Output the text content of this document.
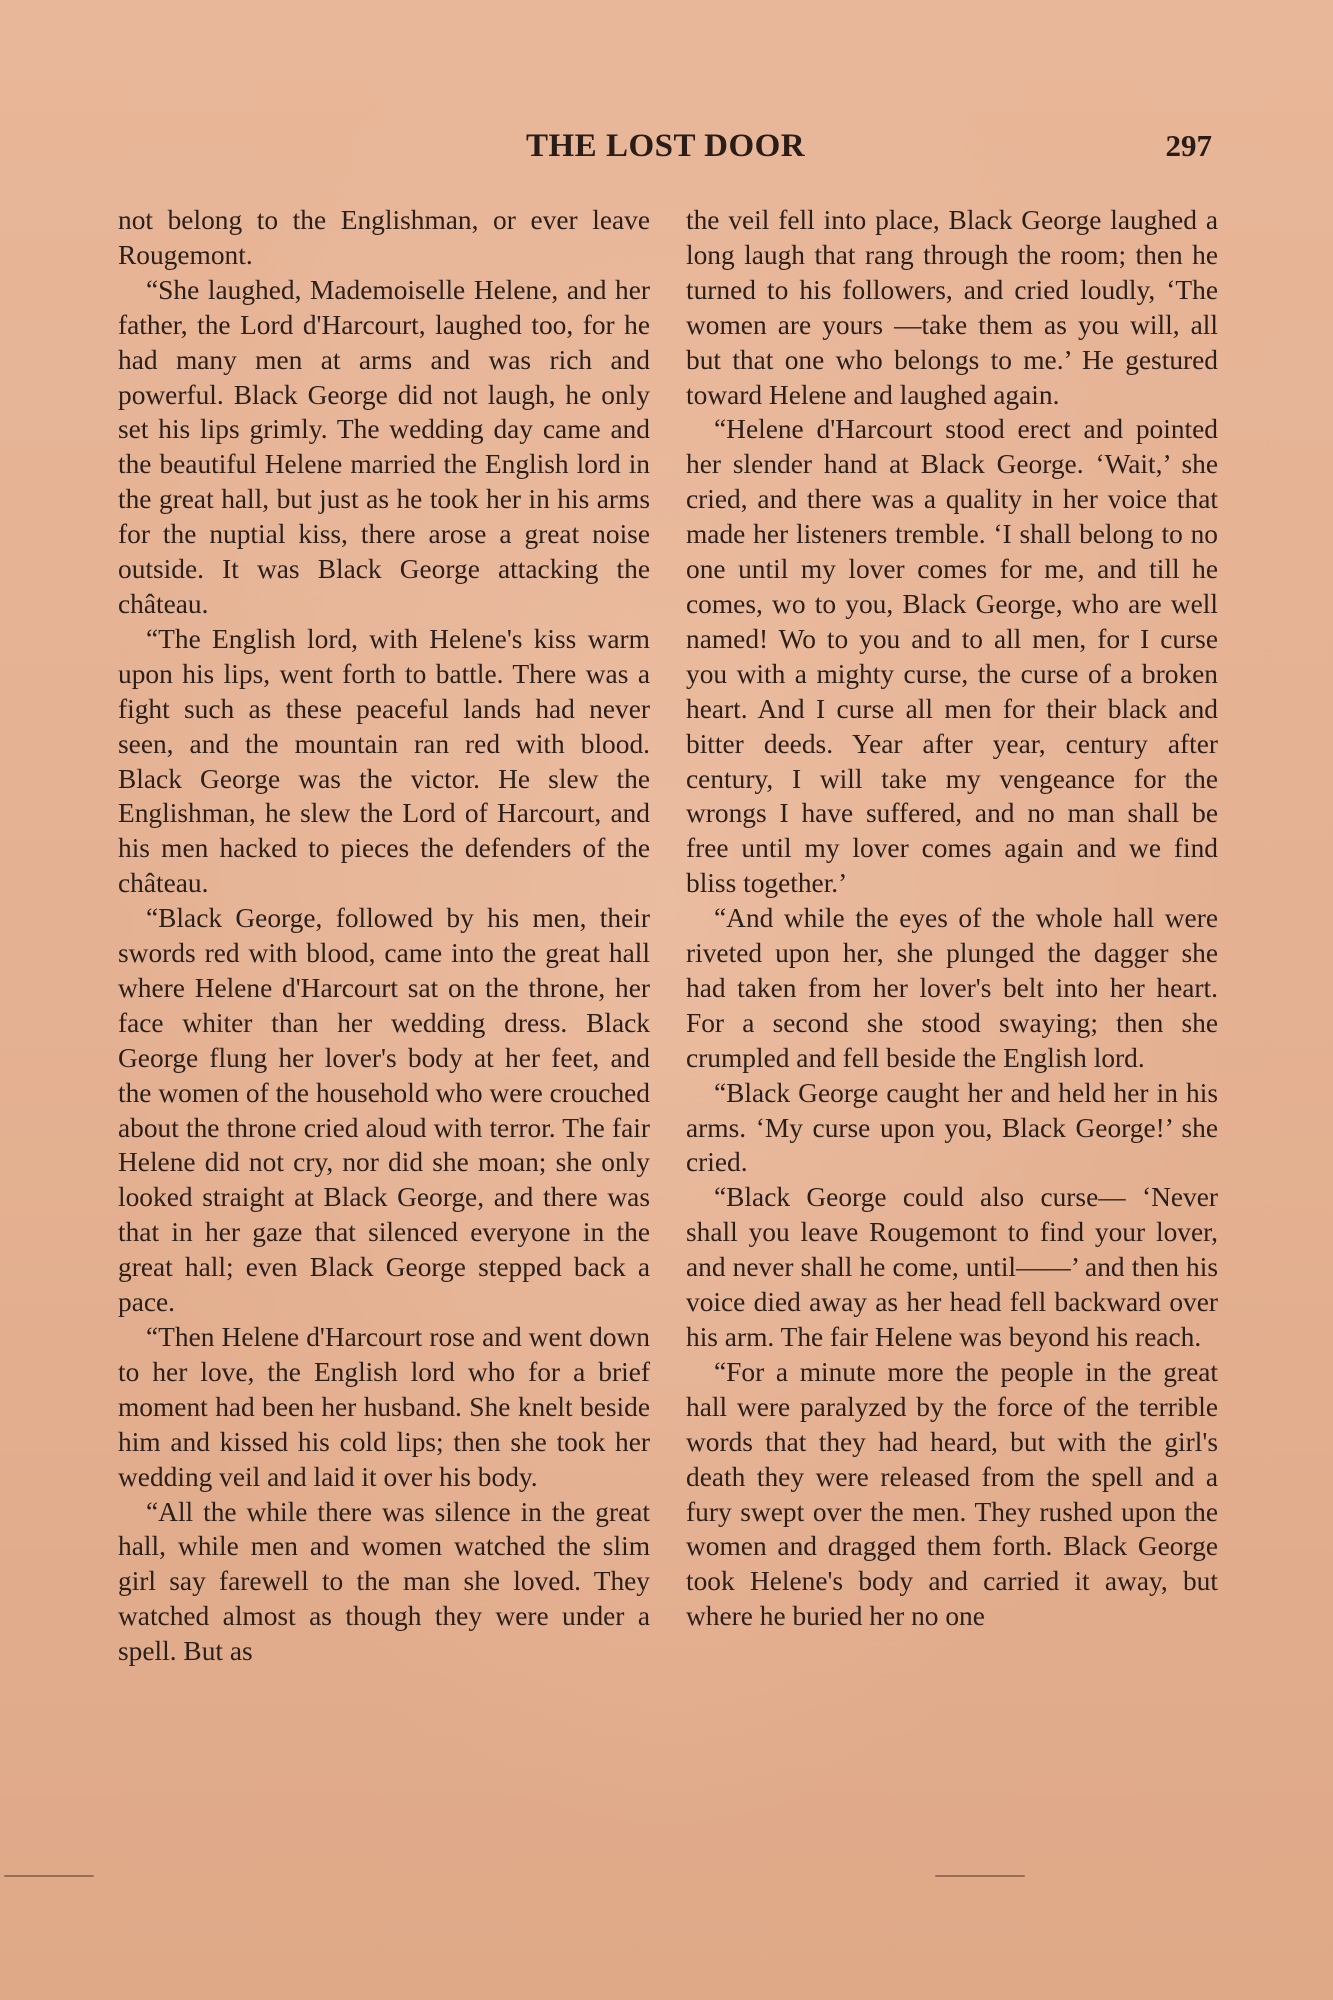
THE LOST DOOR	297

not belong to the Englishman, or ever leave Rougemont.

“She laughed, Mademoiselle Helene, and her father, the Lord d'Harcourt, laughed too, for he had many men at arms and was rich and powerful. Black George did not laugh, he only set his lips grimly. The wedding day came and the beautiful Helene married the English lord in the great hall, but just as he took her in his arms for the nuptial kiss, there arose a great noise outside. It was Black George attacking the château.

“The English lord, with Helene's kiss warm upon his lips, went forth to battle. There was a fight such as these peaceful lands had never seen, and the mountain ran red with blood. Black George was the victor. He slew the Englishman, he slew the Lord of Harcourt, and his men hacked to pieces the defenders of the château.

“Black George, followed by his men, their swords red with blood, came into the great hall where Helene d'Harcourt sat on the throne, her face whiter than her wedding dress. Black George flung her lover's body at her feet, and the women of the household who were crouched about the throne cried aloud with terror. The fair Helene did not cry, nor did she moan; she only looked straight at Black George, and there was that in her gaze that silenced everyone in the great hall; even Black George stepped back a pace.

“Then Helene d'Harcourt rose and went down to her love, the English lord who for a brief moment had been her husband. She knelt beside him and kissed his cold lips; then she took her wedding veil and laid it over his body.

“All the while there was silence in the great hall, while men and women watched the slim girl say farewell to the man she loved. They watched almost as though they were under a spell. But as

the veil fell into place, Black George laughed a long laugh that rang through the room; then he turned to his followers, and cried loudly, ‘The women are yours —take them as you will, all but that one who belongs to me.’ He gestured toward Helene and laughed again.

“Helene d'Harcourt stood erect and pointed her slender hand at Black George. ‘Wait,’ she cried, and there was a quality in her voice that made her listeners tremble. ‘I shall belong to no one until my lover comes for me, and till he comes, wo to you, Black George, who are well named! Wo to you and to all men, for I curse you with a mighty curse, the curse of a broken heart. And I curse all men for their black and bitter deeds. Year after year, century after century, I will take my vengeance for the wrongs I have suffered, and no man shall be free until my lover comes again and we find bliss together.’

“And while the eyes of the whole hall were riveted upon her, she plunged the dagger she had taken from her lover's belt into her heart. For a second she stood swaying; then she crumpled and fell beside the English lord.

“Black George caught her and held her in his arms. ‘My curse upon you, Black George!’ she cried.

“Black George could also curse— ‘Never shall you leave Rougemont to find your lover, and never shall he come, until——’ and then his voice died away as her head fell backward over his arm. The fair Helene was beyond his reach.

“For a minute more the people in the great hall were paralyzed by the force of the terrible words that they had heard, but with the girl's death they were released from the spell and a fury swept over the men. They rushed upon the women and dragged them forth. Black George took Helene's body and carried it away, but where he buried her no one
